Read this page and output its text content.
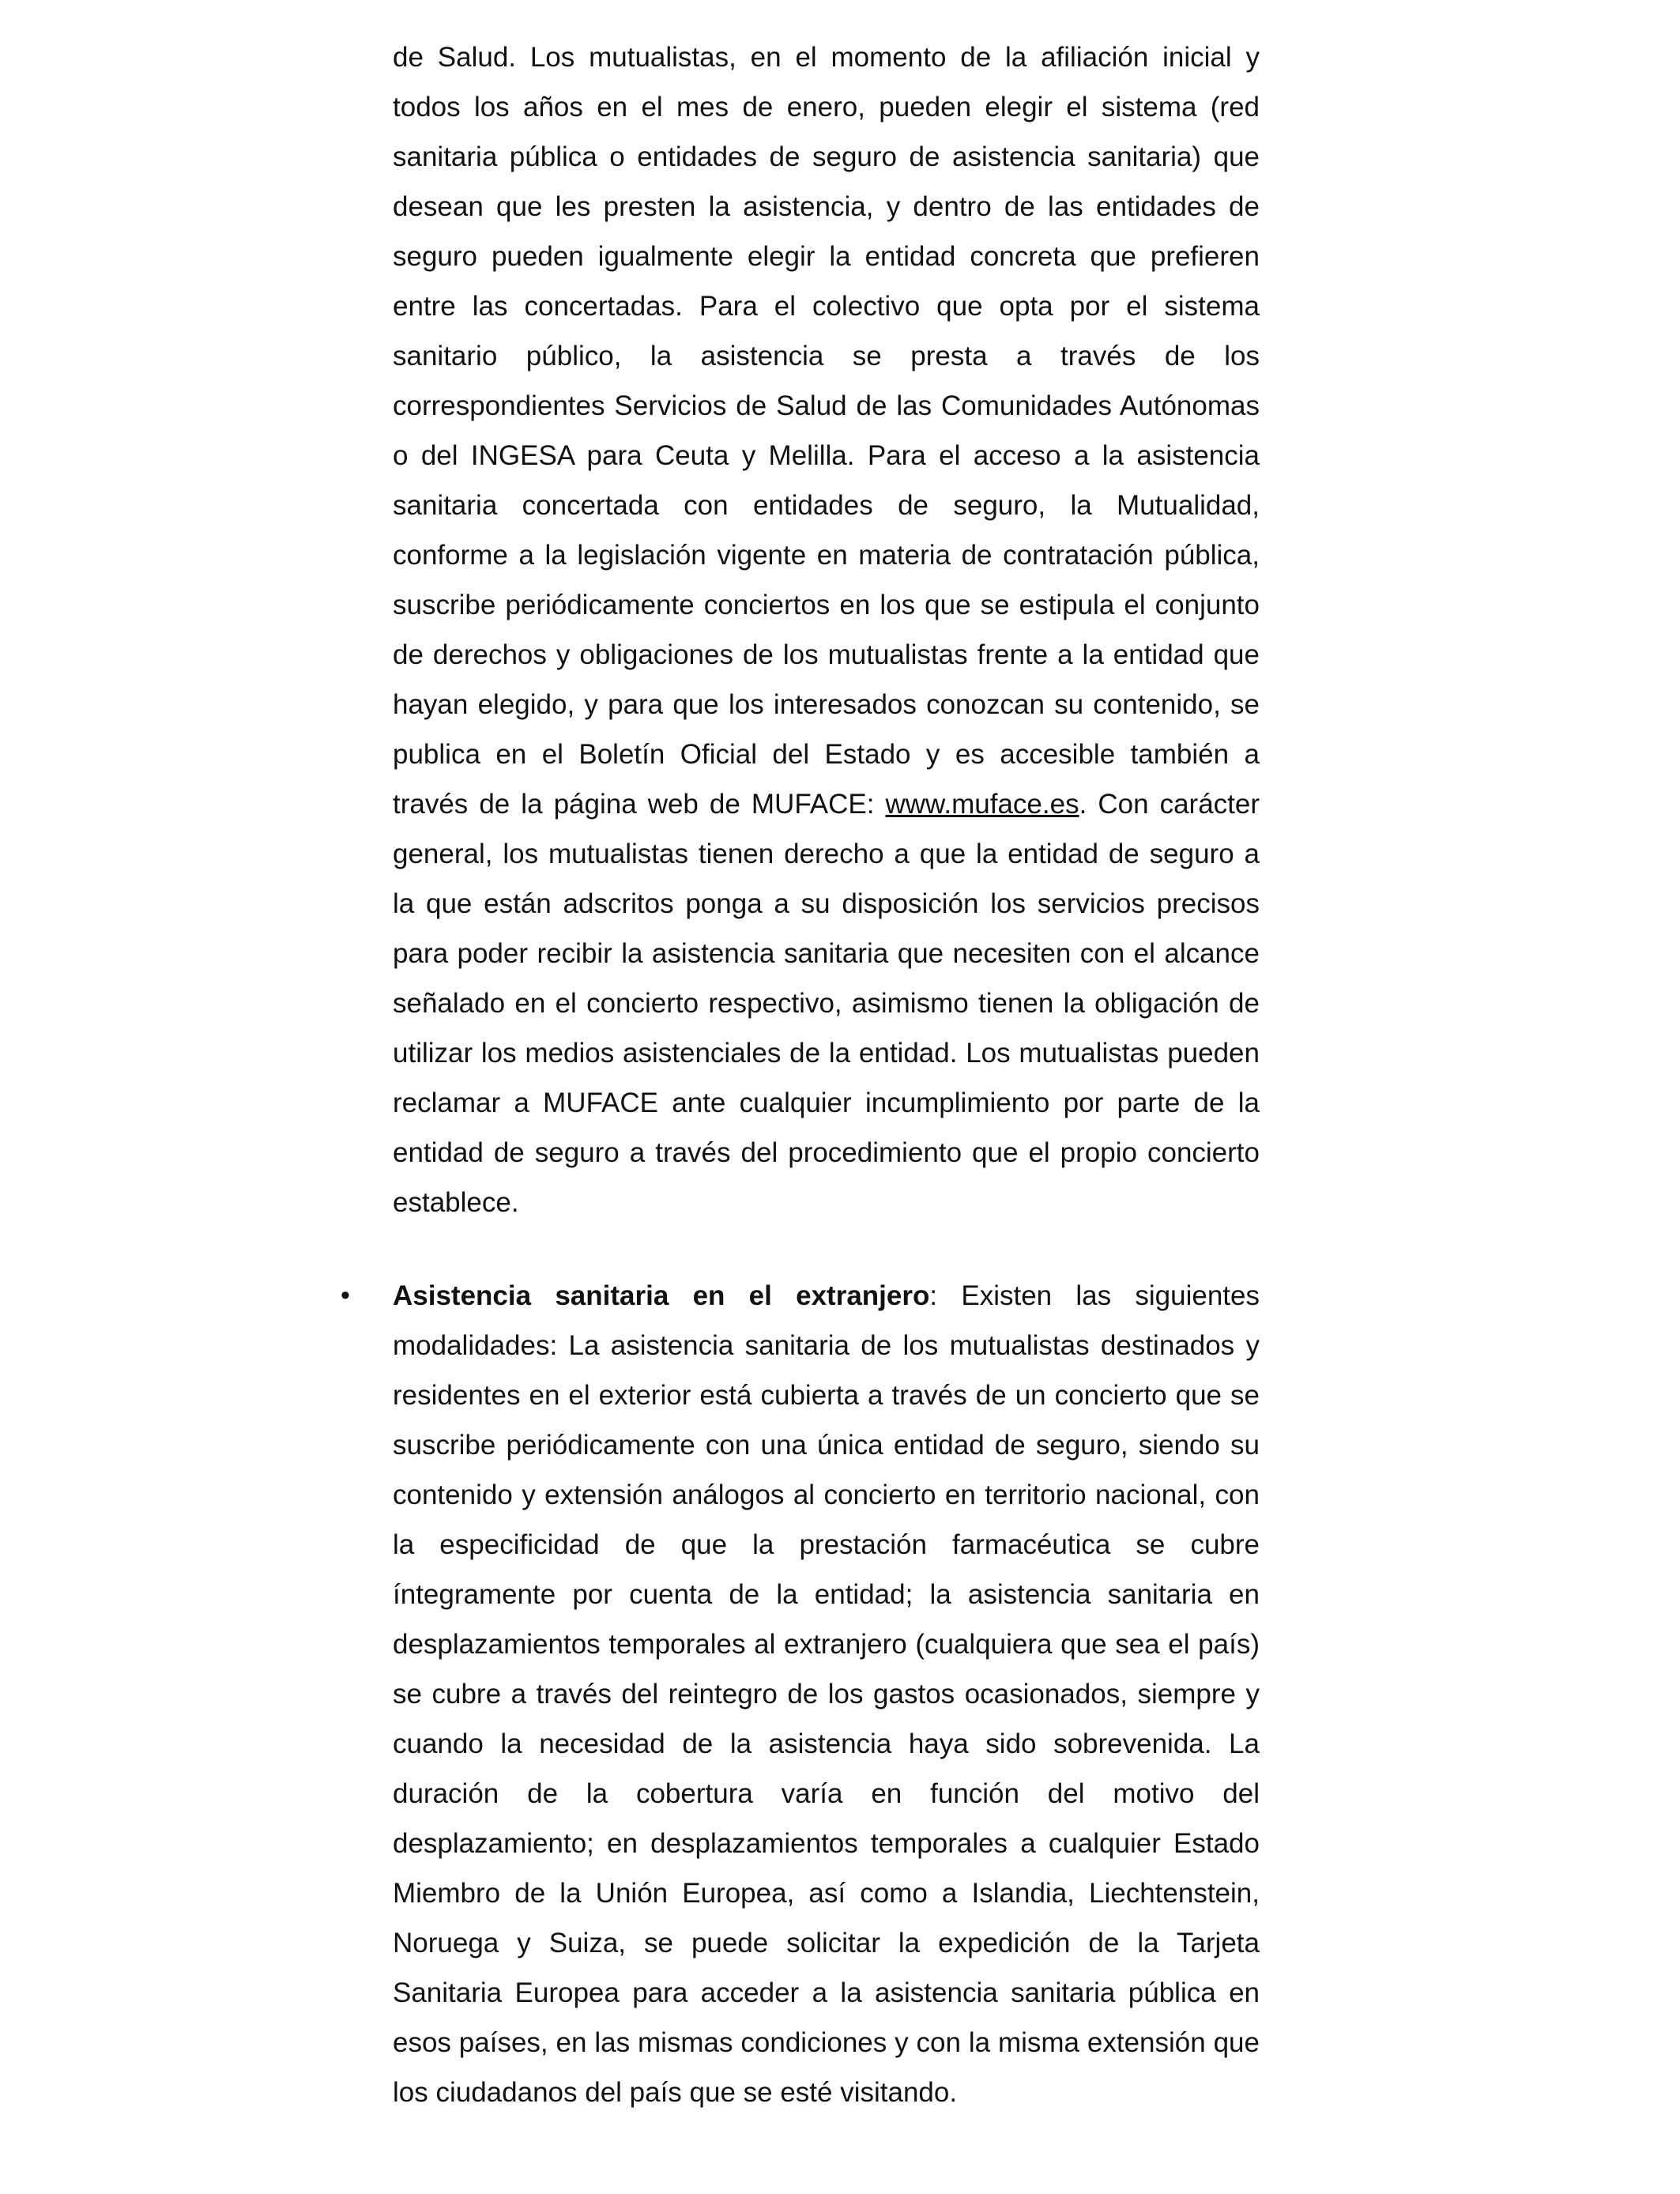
de Salud. Los mutualistas, en el momento de la afiliación inicial y todos los años en el mes de enero, pueden elegir el sistema (red sanitaria pública o entidades de seguro de asistencia sanitaria) que desean que les presten la asistencia, y dentro de las entidades de seguro pueden igualmente elegir la entidad concreta que prefieren entre las concertadas. Para el colectivo que opta por el sistema sanitario público, la asistencia se presta a través de los correspondientes Servicios de Salud de las Comunidades Autónomas o del INGESA para Ceuta y Melilla. Para el acceso a la asistencia sanitaria concertada con entidades de seguro, la Mutualidad, conforme a la legislación vigente en materia de contratación pública, suscribe periódicamente conciertos en los que se estipula el conjunto de derechos y obligaciones de los mutualistas frente a la entidad que hayan elegido, y para que los interesados conozcan su contenido, se publica en el Boletín Oficial del Estado y es accesible también a través de la página web de MUFACE: www.muface.es. Con carácter general, los mutualistas tienen derecho a que la entidad de seguro a la que están adscritos ponga a su disposición los servicios precisos para poder recibir la asistencia sanitaria que necesiten con el alcance señalado en el concierto respectivo, asimismo tienen la obligación de utilizar los medios asistenciales de la entidad. Los mutualistas pueden reclamar a MUFACE ante cualquier incumplimiento por parte de la entidad de seguro a través del procedimiento que el propio concierto establece.

•	Asistencia sanitaria en el extranjero: Existen las siguientes modalidades: La asistencia sanitaria de los mutualistas destinados y residentes en el exterior está cubierta a través de un concierto que se suscribe periódicamente con una única entidad de seguro, siendo su contenido y extensión análogos al concierto en territorio nacional, con la especificidad de que la prestación farmacéutica se cubre íntegramente por cuenta de la entidad; la asistencia sanitaria en desplazamientos temporales al extranjero (cualquiera que sea el país) se cubre a través del reintegro de los gastos ocasionados, siempre y cuando la necesidad de la asistencia haya sido sobrevenida. La duración de la cobertura varía en función del motivo del desplazamiento; en desplazamientos temporales a cualquier Estado Miembro de la Unión Europea, así como a Islandia, Liechtenstein, Noruega y Suiza, se puede solicitar la expedición de la Tarjeta Sanitaria Europea para acceder a la asistencia sanitaria pública en esos países, en las mismas condiciones y con la misma extensión que los ciudadanos del país que se esté visitando.
